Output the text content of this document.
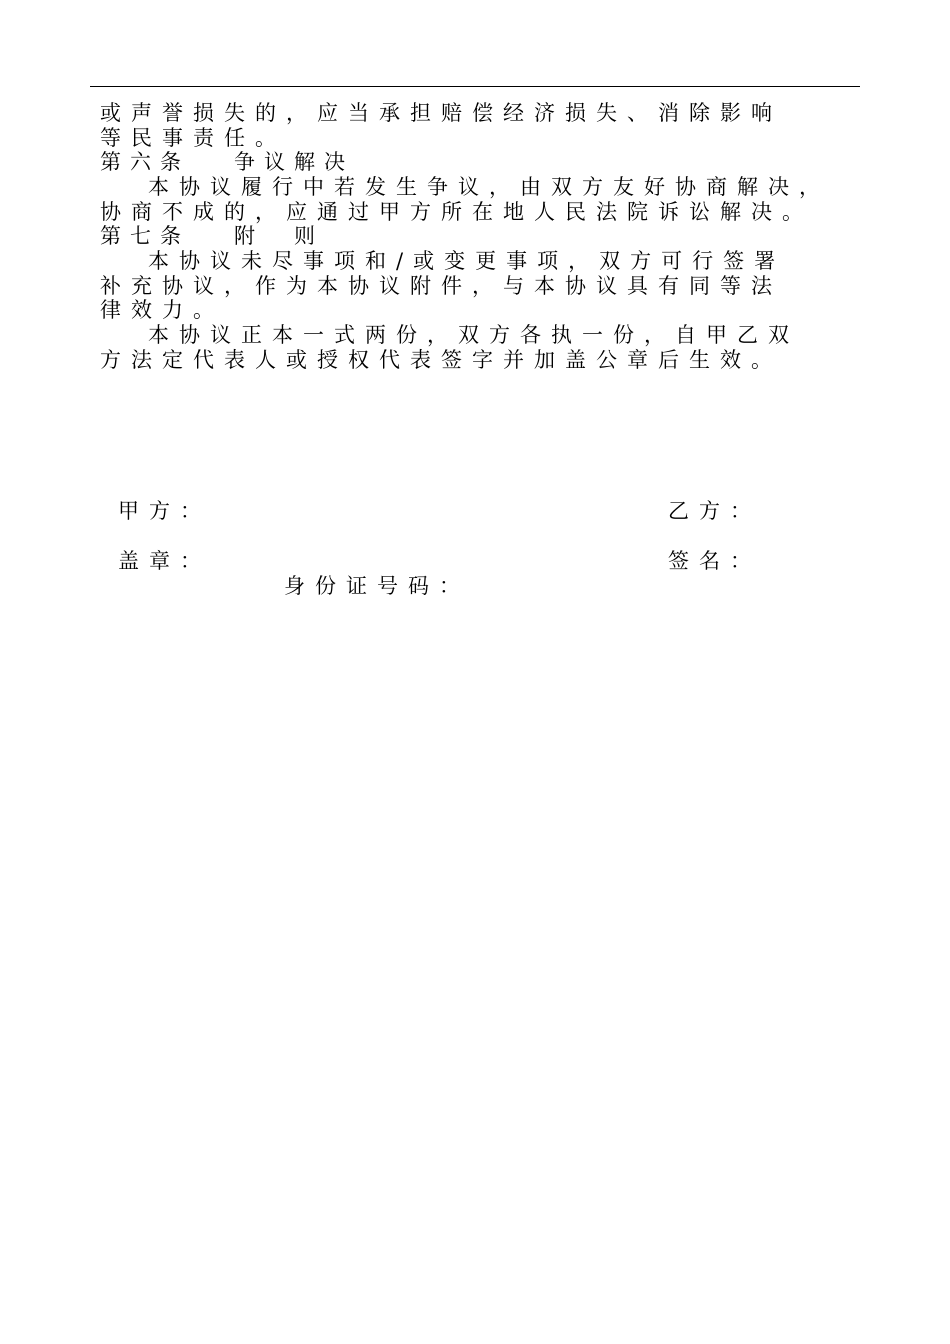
或声誉损失的，应当承担赔偿经济损失、消除影响
等民事责任。
第六条 争议解决
本协议履行中若发生争议，由双方友好协商解决，
协商不成的，应通过甲方所在地人民法院诉讼解决。
第七条 附　则
本协议未尽事项和/或变更事项，双方可行签署
补充协议，作为本协议附件，与本协议具有同等法
律效力。
本协议正本一式两份，双方各执一份，自甲乙双
方法定代表人或授权代表签字并加盖公章后生效。
甲方：	乙方：
盖章：	签名：
身份证号码：
